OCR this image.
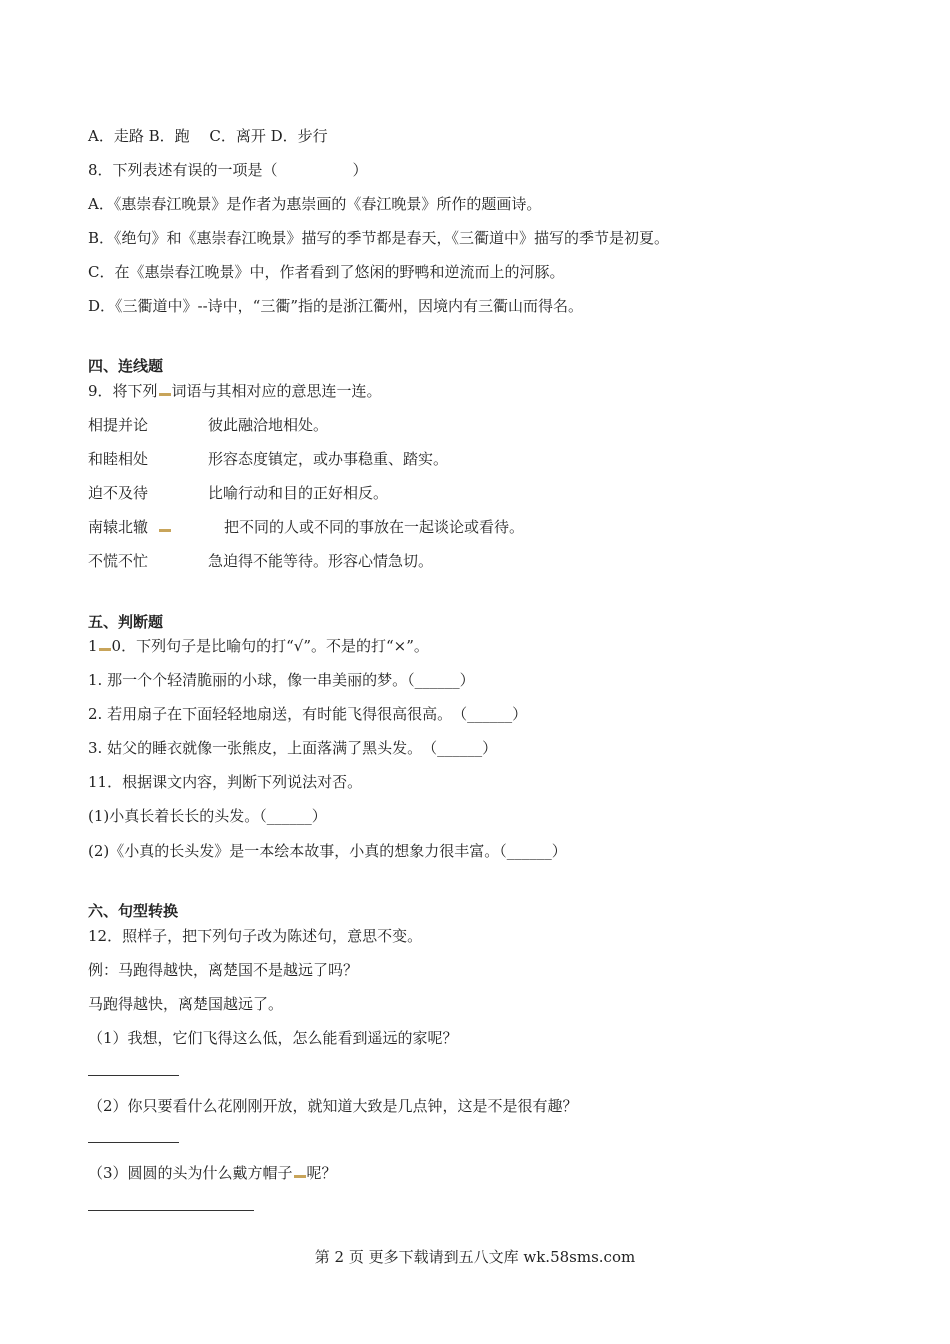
A．走路 B．跑　 C．离开 D．步行
8．下列表述有误的一项是（　　　　　）
A．《惠崇春江晚景》是作者为惠崇画的《春江晚景》所作的题画诗。
B．《绝句》和《惠崇春江晚景》描写的季节都是春天，《三衢道中》描写的季节是初夏。
C．在《惠崇春江晚景》中，作者看到了悠闲的野鸭和逆流而上的河豚。
D．《三衢道中》--诗中，“三衢”指的是浙江衢州，因境内有三衢山而得名。
四、连线题
9．将下列 词语与其相对应的意思连一连。
相提并论	彼此融洽地相处。
和睦相处	形容态度镇定，或办事稳重、踏实。
迫不及待	比喻行动和目的正好相反。
南辕北辙	把不同的人或不同的事放在一起谈论或看待。
不慌不忙	急迫得不能等待。形容心情急切。
五、判断题
1 0．下列句子是比喻句的打“√”。不是的打“×”。
1. 那一个个轻清脆丽的小球，像一串美丽的梦。（______）
2. 若用扇子在下面轻轻地扇送，有时能飞得很高很高。　（______）
3. 姑父的睡衣就像一张熊皮，上面落满了黑头发。　（______）
11．根据课文内容，判断下列说法对否。
(1)小真长着长长的头发。（______）
(2)《小真的长头发》是一本绘本故事，小真的想象力很丰富。（______）
六、句型转换
12．照样子，把下列句子改为陈述句，意思不变。
例：马跑得越快，离楚国不是越远了吗？
马跑得越快，离楚国越远了。
（1）我想，它们飞得这么低，怎么能看到遥远的家呢？
（2）你只要看什么花刚刚开放，就知道大致是几点钟，这是不是很有趣？
（3）圆圆的头为什么戴方帽子 呢？
第 2 页 更多下载请到五八文库 wk.58sms.com
